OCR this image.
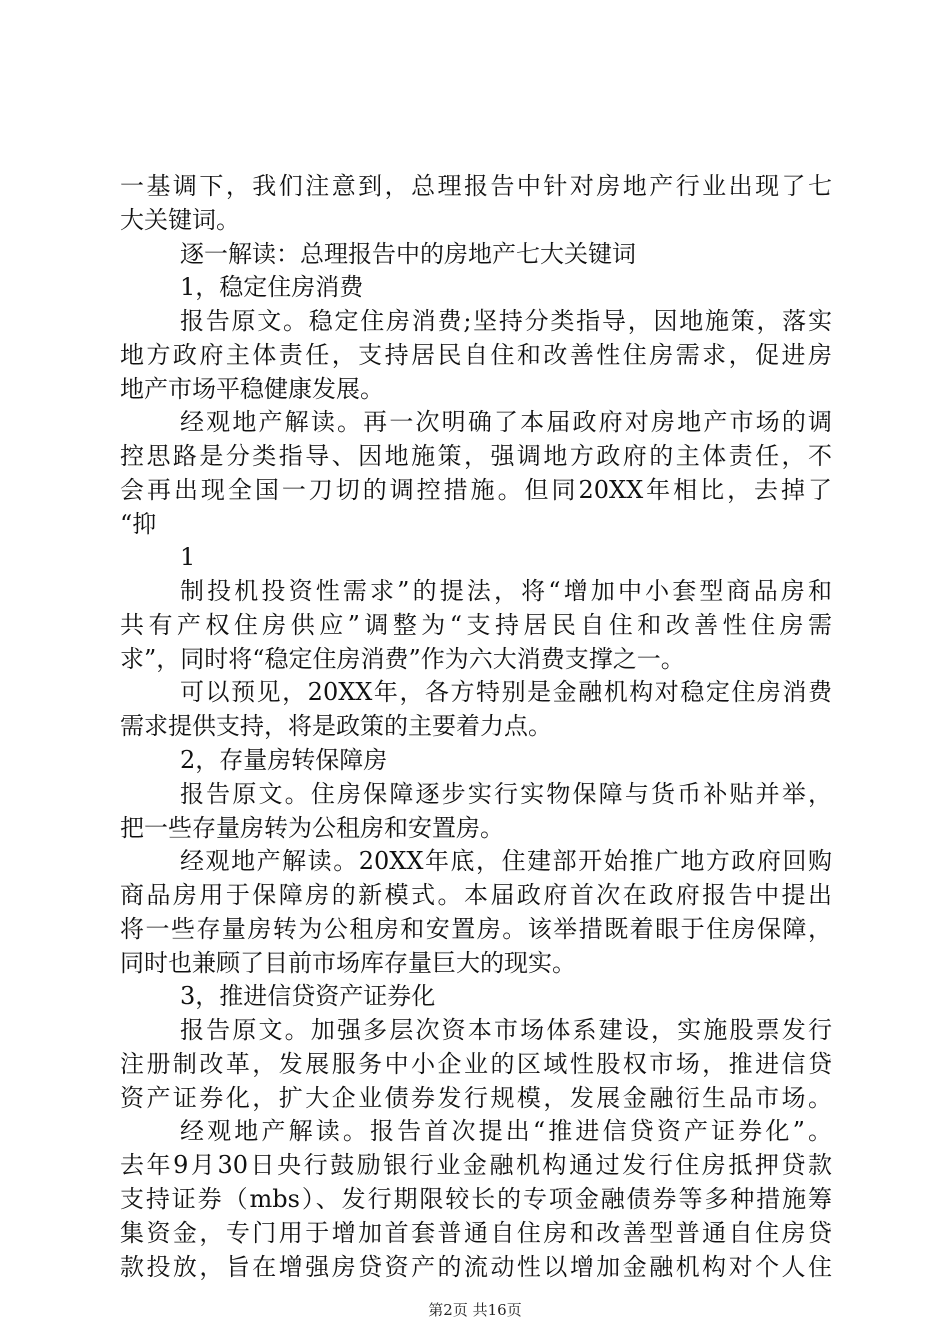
一基调下，我们注意到，总理报告中针对房地产行业出现了七
大关键词。
逐一解读：总理报告中的房地产七大关键词
1，稳定住房消费
报告原文。稳定住房消费;坚持分类指导，因地施策，落实
地方政府主体责任，支持居民自住和改善性住房需求，促进房
地产市场平稳健康发展。
经观地产解读。再一次明确了本届政府对房地产市场的调
控思路是分类指导、因地施策，强调地方政府的主体责任，不
会再出现全国一刀切的调控措施。但同20XX年相比，去掉了
“抑
1
制投机投资性需求”的提法，将“增加中小套型商品房和
共有产权住房供应”调整为“支持居民自住和改善性住房需
求”，同时将“稳定住房消费”作为六大消费支撑之一。
可以预见，20XX年，各方特别是金融机构对稳定住房消费
需求提供支持，将是政策的主要着力点。
2，存量房转保障房
报告原文。住房保障逐步实行实物保障与货币补贴并举，
把一些存量房转为公租房和安置房。
经观地产解读。20XX年底，住建部开始推广地方政府回购
商品房用于保障房的新模式。本届政府首次在政府报告中提出
将一些存量房转为公租房和安置房。该举措既着眼于住房保障，
同时也兼顾了目前市场库存量巨大的现实。
3，推进信贷资产证券化
报告原文。加强多层次资本市场体系建设，实施股票发行
注册制改革，发展服务中小企业的区域性股权市场，推进信贷
资产证券化，扩大企业债券发行规模，发展金融衍生品市场。
经观地产解读。报告首次提出“推进信贷资产证券化”。
去年9月30日央行鼓励银行业金融机构通过发行住房抵押贷款
支持证券（mbs）、发行期限较长的专项金融债券等多种措施筹
集资金，专门用于增加首套普通自住房和改善型普通自住房贷
款投放，旨在增强房贷资产的流动性以增加金融机构对个人住
第2页 共16页
